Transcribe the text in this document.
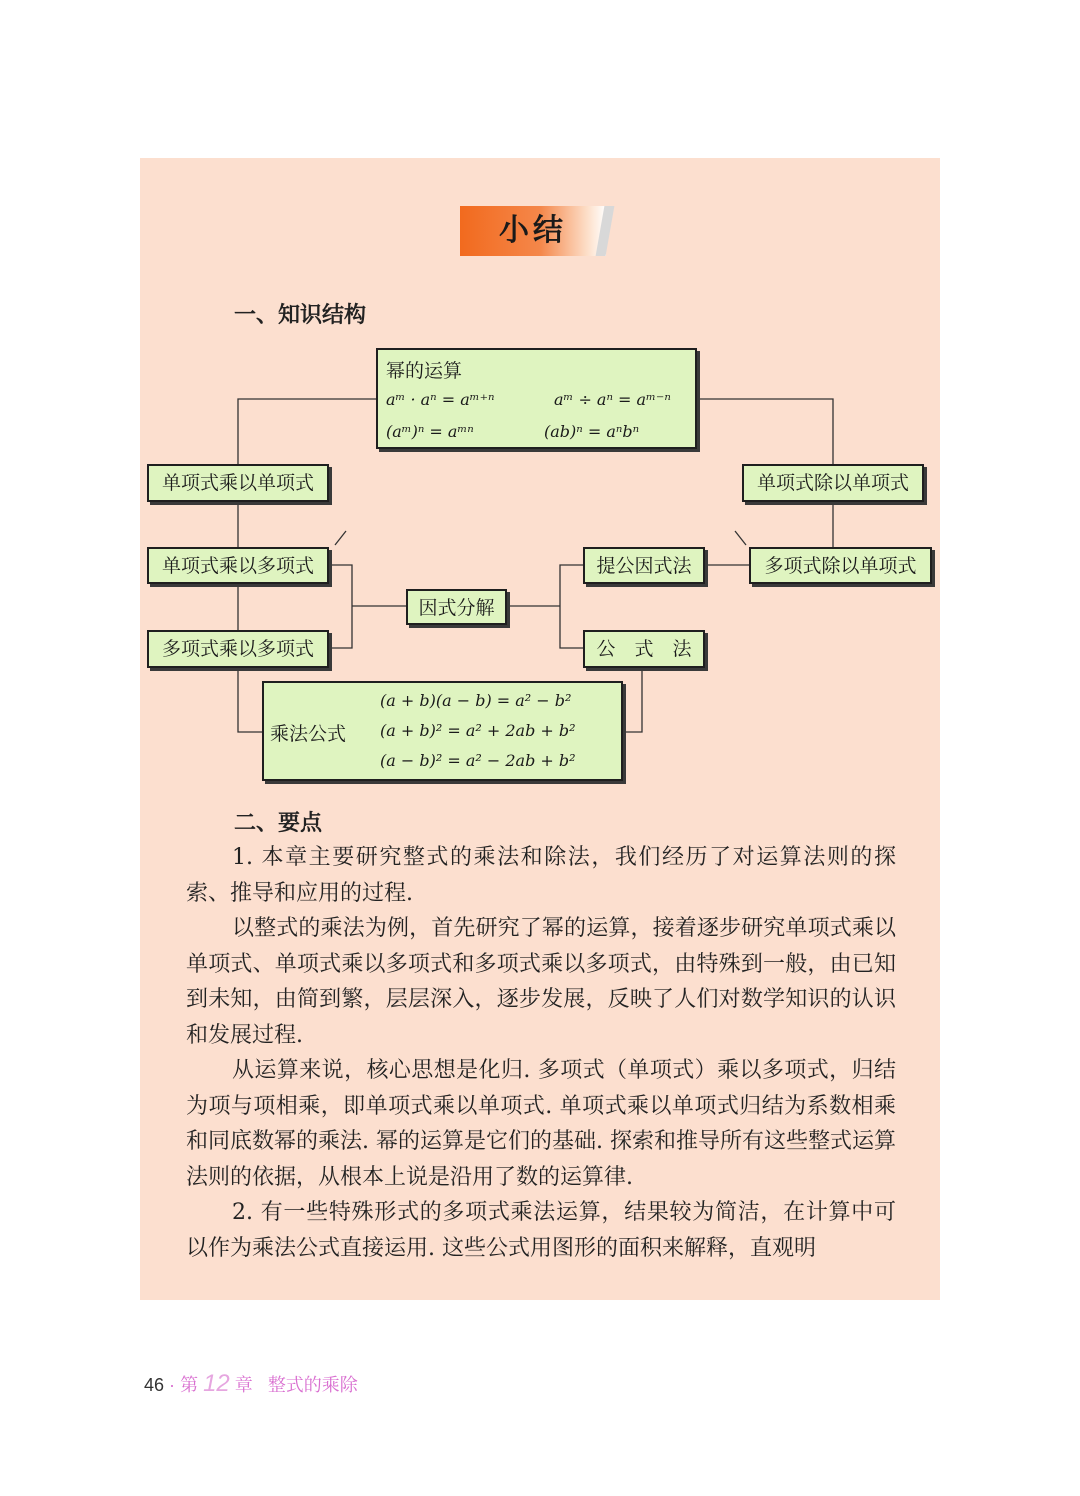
小结
一、知识结构
幂的运算
aᵐ · aⁿ = aᵐ⁺ⁿ	aᵐ ÷ aⁿ = aᵐ⁻ⁿ
(aᵐ)ⁿ = aᵐⁿ	(ab)ⁿ = aⁿbⁿ
单项式乘以单项式	单项式除以单项式
单项式乘以多项式	多项式除以单项式
多项式乘以多项式
因式分解
提公因式法
公　式　法
乘法公式
(a + b)(a − b) = a² − b²
(a + b)² = a² + 2ab + b²
(a − b)² = a² − 2ab + b²
二、要点
1. 本章主要研究整式的乘法和除法，我们经历了对运算法则的探索、推导和应用的过程.
以整式的乘法为例，首先研究了幂的运算，接着逐步研究单项式乘以单项式、单项式乘以多项式和多项式乘以多项式，由特殊到一般，由已知到未知，由简到繁，层层深入，逐步发展，反映了人们对数学知识的认识和发展过程.
从运算来说，核心思想是化归. 多项式（单项式）乘以多项式，归结为项与项相乘，即单项式乘以单项式. 单项式乘以单项式归结为系数相乘和同底数幂的乘法. 幂的运算是它们的基础. 探索和推导所有这些整式运算法则的依据，从根本上说是沿用了数的运算律.
2. 有一些特殊形式的多项式乘法运算，结果较为简洁，在计算中可以作为乘法公式直接运用. 这些公式用图形的面积来解释，直观明
46 · 第 12 章 整式的乘除
